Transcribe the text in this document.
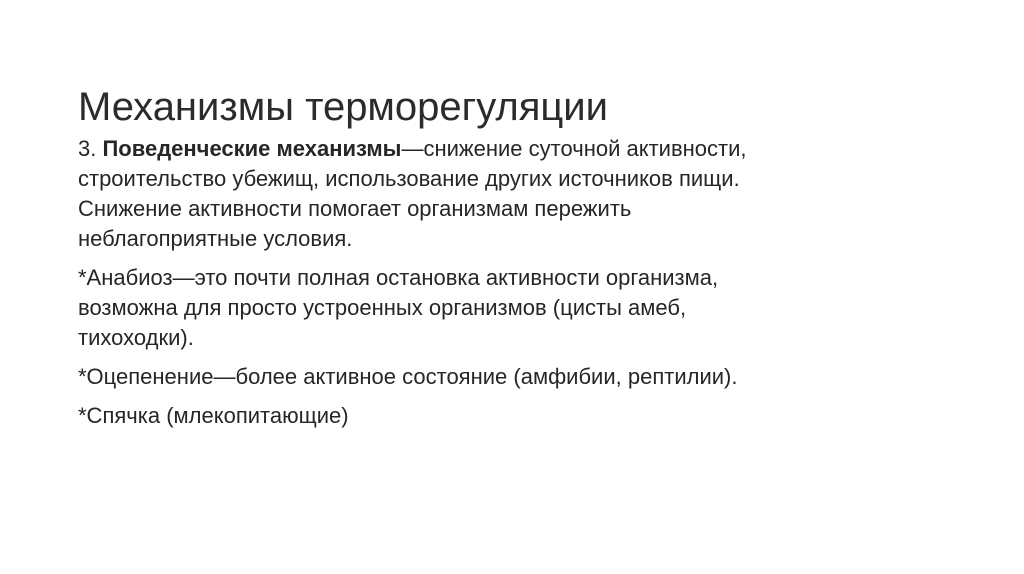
Механизмы терморегуляции
3. Поведенческие механизмы—снижение суточной активности,
строительство убежищ, использование других источников пищи.
Снижение активности помогает организмам пережить
неблагоприятные условия.
*Анабиоз—это почти полная остановка активности организма,
возможна для просто устроенных организмов (цисты амеб,
тихоходки).
*Оцепенение—более активное состояние (амфибии, рептилии).
*Спячка (млекопитающие)
